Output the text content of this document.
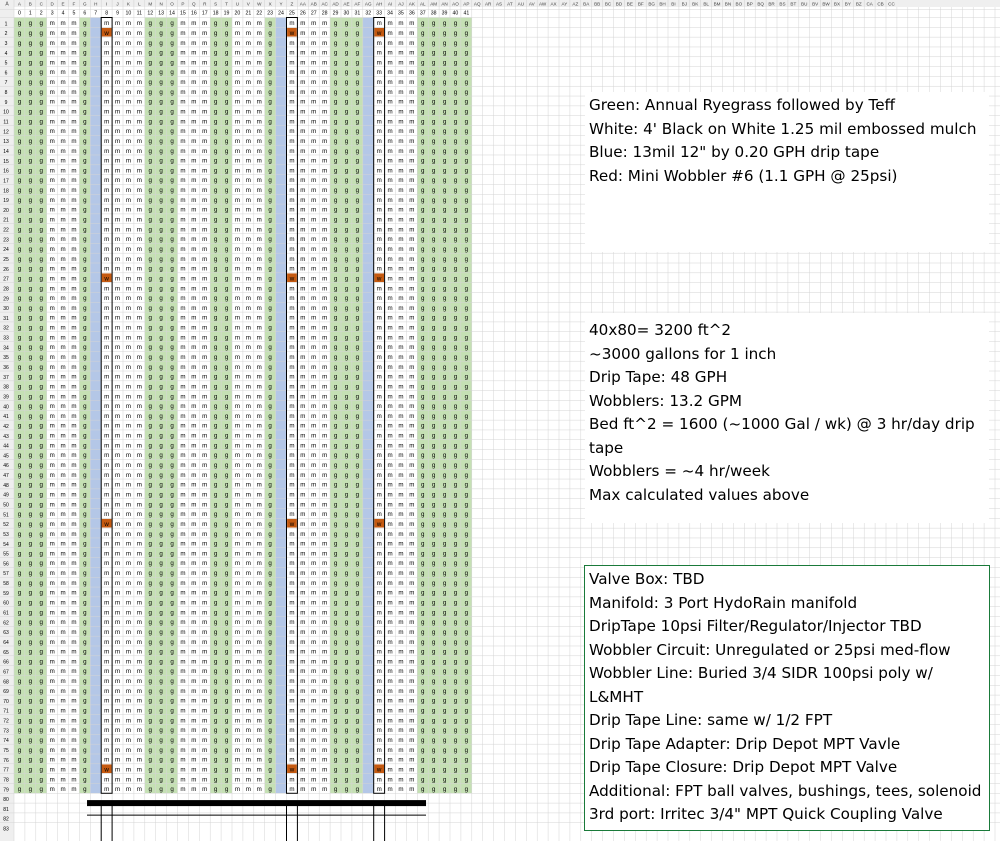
A A B C D E F G H I J K L M N O P Q R S T U V W X Y Z AA AB AC AD AE AF AG AH AI AJ AK AL AM AN AO AP AQ AR AS AT AU AV AW AX AY AZ BA BB BC BD BE BF BG BH BI BJ BK BL BM BN BO BP BQ BR BS BT BU BV BW BX BY BZ CA CB CC
0 1 2 3 4 5 6 7 8 9 10 11 12 13 14 15 16 17 18 19 20 21 22 23 24 25 26 27 28 29 30 31 32 33 34 35 36 37 38 39 40 41
g
g
g
g
g
g
g
g
g
g
g
g
g
g
g
g
g
g
g
g
g
g
g
g
g
g
g
g
g
g
g
g
g
g
g
g
g
g
g
g
g
g
g
g
g
g
g
g
g
g
g
g
g
g
g
g
g
g
g
g
g
g
g
g
g
g
g
g
g
g
g
g
g
g
g
g
g
g
g
g
g
g
g
g
g
g
g
g
g
g
g
g
g
g
g
g
g
g
g
g
g
g
g
g
g
g
g
g
g
g
g
g
g
g
g
g
g
g
g
g
g
g
g
g
g
g
g
g
g
g
g
g
g
g
g
g
g
g
g
g
g
g
g
g
g
g
g
g
g
g
g
g
g
g
g
g
g
g
g
g
g
g
g
g
g
g
g
g
g
g
g
g
g
g
g
g
g
g
g
g
g
g
g
g
g
g
g
g
g
g
g
g
g
g
g
g
g
g
g
g
g
g
g
g
g
g
g
g
g
g
g
g
g
g
g
g
g
g
g
g
g
g
g
g
g
g
g
g
g
g
g
g
g
g
g
g
g
m
m
m
m
m
m
m
m
m
m
m
m
m
m
m
m
m
m
m
m
m
m
m
m
m
m
m
m
m
m
m
m
m
m
m
m
m
m
m
m
m
m
m
m
m
m
m
m
m
m
m
m
m
m
m
m
m
m
m
m
m
m
m
m
m
m
m
m
m
m
m
m
m
m
m
m
m
m
m
m
m
m
m
m
m
m
m
m
m
m
m
m
m
m
m
m
m
m
m
m
m
m
m
m
m
m
m
m
m
m
m
m
m
m
m
m
m
m
m
m
m
m
m
m
m
m
m
m
m
m
m
m
m
m
m
m
m
m
m
m
m
m
m
m
m
m
m
m
m
m
m
m
m
m
m
m
m
m
m
m
m
m
m
m
m
m
m
m
m
m
m
m
m
m
m
m
m
m
m
m
m
m
m
m
m
m
m
m
m
m
m
m
m
m
m
m
m
m
m
m
m
m
m
m
m
m
m
m
m
m
m
m
m
m
m
m
m
m
m
m
m
m
m
m
m
m
m
m
m
m
m
m
m
m
m
m
m
g
g
g
g
g
g
g
g
g
g
g
g
g
g
g
g
g
g
g
g
g
g
g
g
g
g
g
g
g
g
g
g
g
g
g
g
g
g
g
g
g
g
g
g
g
g
g
g
g
g
g
g
g
g
g
g
g
g
g
g
g
g
g
g
g
g
g
g
g
g
g
g
g
g
g
g
g
g
g
m
w
m
m
m
m
m
m
m
m
m
m
m
m
m
m
m
m
m
m
m
m
m
m
m
m
w
m
m
m
m
m
m
m
m
m
m
m
m
m
m
m
m
m
m
m
m
m
m
m
m
w
m
m
m
m
m
m
m
m
m
m
m
m
m
m
m
m
m
m
m
m
m
m
m
m
w
m
m
m
m
m
m
m
m
m
m
m
m
m
m
m
m
m
m
m
m
m
m
m
m
m
m
m
m
m
m
m
m
m
m
m
m
m
m
m
m
m
m
m
m
m
m
m
m
m
m
m
m
m
m
m
m
m
m
m
m
m
m
m
m
m
m
m
m
m
m
m
m
m
m
m
m
m
m
m
m
m
m
m
m
m
m
m
m
m
m
m
m
m
m
m
m
m
m
m
m
m
m
m
m
m
m
m
m
m
m
m
m
m
m
m
m
m
m
m
m
m
m
m
m
m
m
m
m
m
m
m
m
m
m
m
m
m
m
m
m
m
m
m
m
m
m
m
m
m
m
m
m
m
m
m
m
m
m
m
m
m
m
m
m
m
m
m
m
m
m
m
m
m
m
m
m
m
m
m
m
m
m
m
m
m
m
m
m
m
m
m
m
m
m
m
m
m
m
m
m
m
m
m
m
m
m
m
m
m
m
m
m
m
m
m
m
m
m
m
m
m
m
m
m
m
m
m
m
m
m
m
m
m
m
m
m
m
m
m
g
g
g
g
g
g
g
g
g
g
g
g
g
g
g
g
g
g
g
g
g
g
g
g
g
g
g
g
g
g
g
g
g
g
g
g
g
g
g
g
g
g
g
g
g
g
g
g
g
g
g
g
g
g
g
g
g
g
g
g
g
g
g
g
g
g
g
g
g
g
g
g
g
g
g
g
g
g
g
g
g
g
g
g
g
g
g
g
g
g
g
g
g
g
g
g
g
g
g
g
g
g
g
g
g
g
g
g
g
g
g
g
g
g
g
g
g
g
g
g
g
g
g
g
g
g
g
g
g
g
g
g
g
g
g
g
g
g
g
g
g
g
g
g
g
g
g
g
g
g
g
g
g
g
g
g
g
g
g
g
g
g
g
g
g
g
g
g
g
g
g
g
g
g
g
g
g
g
g
g
g
g
g
g
g
g
g
g
g
g
g
g
g
g
g
g
g
g
g
g
g
g
g
g
g
g
g
g
g
g
g
g
g
g
g
g
g
g
g
g
g
g
g
g
g
g
g
g
g
g
g
g
g
g
g
g
g
m
m
m
m
m
m
m
m
m
m
m
m
m
m
m
m
m
m
m
m
m
m
m
m
m
m
m
m
m
m
m
m
m
m
m
m
m
m
m
m
m
m
m
m
m
m
m
m
m
m
m
m
m
m
m
m
m
m
m
m
m
m
m
m
m
m
m
m
m
m
m
m
m
m
m
m
m
m
m
m
m
m
m
m
m
m
m
m
m
m
m
m
m
m
m
m
m
m
m
m
m
m
m
m
m
m
m
m
m
m
m
m
m
m
m
m
m
m
m
m
m
m
m
m
m
m
m
m
m
m
m
m
m
m
m
m
m
m
m
m
m
m
m
m
m
m
m
m
m
m
m
m
m
m
m
m
m
m
m
m
m
m
m
m
m
m
m
m
m
m
m
m
m
m
m
m
m
m
m
m
m
m
m
m
m
m
m
m
m
m
m
m
m
m
m
m
m
m
m
m
m
m
m
m
m
m
m
m
m
m
m
m
m
m
m
m
m
m
m
m
m
m
m
m
m
m
m
m
m
m
m
m
m
m
m
m
m
g
g
g
g
g
g
g
g
g
g
g
g
g
g
g
g
g
g
g
g
g
g
g
g
g
g
g
g
g
g
g
g
g
g
g
g
g
g
g
g
g
g
g
g
g
g
g
g
g
g
g
g
g
g
g
g
g
g
g
g
g
g
g
g
g
g
g
g
g
g
g
g
g
g
g
g
g
g
g
g
g
g
g
g
g
g
g
g
g
g
g
g
g
g
g
g
g
g
g
g
g
g
g
g
g
g
g
g
g
g
g
g
g
g
g
g
g
g
g
g
g
g
g
g
g
g
g
g
g
g
g
g
g
g
g
g
g
g
g
g
g
g
g
g
g
g
g
g
g
g
g
g
g
g
g
g
g
g
m
m
m
m
m
m
m
m
m
m
m
m
m
m
m
m
m
m
m
m
m
m
m
m
m
m
m
m
m
m
m
m
m
m
m
m
m
m
m
m
m
m
m
m
m
m
m
m
m
m
m
m
m
m
m
m
m
m
m
m
m
m
m
m
m
m
m
m
m
m
m
m
m
m
m
m
m
m
m
m
m
m
m
m
m
m
m
m
m
m
m
m
m
m
m
m
m
m
m
m
m
m
m
m
m
m
m
m
m
m
m
m
m
m
m
m
m
m
m
m
m
m
m
m
m
m
m
m
m
m
m
m
m
m
m
m
m
m
m
m
m
m
m
m
m
m
m
m
m
m
m
m
m
m
m
m
m
m
m
m
m
m
m
m
m
m
m
m
m
m
m
m
m
m
m
m
m
m
m
m
m
m
m
m
m
m
m
m
m
m
m
m
m
m
m
m
m
m
m
m
m
m
m
m
m
m
m
m
m
m
m
m
m
m
m
m
m
m
m
m
m
m
m
m
m
m
m
m
m
m
m
m
m
m
m
m
m
g
g
g
g
g
g
g
g
g
g
g
g
g
g
g
g
g
g
g
g
g
g
g
g
g
g
g
g
g
g
g
g
g
g
g
g
g
g
g
g
g
g
g
g
g
g
g
g
g
g
g
g
g
g
g
g
g
g
g
g
g
g
g
g
g
g
g
g
g
g
g
g
g
g
g
g
g
g
g
m
w
m
m
m
m
m
m
m
m
m
m
m
m
m
m
m
m
m
m
m
m
m
m
m
m
w
m
m
m
m
m
m
m
m
m
m
m
m
m
m
m
m
m
m
m
m
m
m
m
m
w
m
m
m
m
m
m
m
m
m
m
m
m
m
m
m
m
m
m
m
m
m
m
m
m
w
m
m
m
m
m
m
m
m
m
m
m
m
m
m
m
m
m
m
m
m
m
m
m
m
m
m
m
m
m
m
m
m
m
m
m
m
m
m
m
m
m
m
m
m
m
m
m
m
m
m
m
m
m
m
m
m
m
m
m
m
m
m
m
m
m
m
m
m
m
m
m
m
m
m
m
m
m
m
m
m
m
m
m
m
m
m
m
m
m
m
m
m
m
m
m
m
m
m
m
m
m
m
m
m
m
m
m
m
m
m
m
m
m
m
m
m
m
m
m
m
m
m
m
m
m
m
m
m
m
m
m
m
m
m
m
m
m
m
m
m
m
m
m
m
m
m
m
m
m
m
m
m
m
m
m
m
m
m
m
m
m
m
m
m
m
m
m
m
m
m
m
m
m
m
m
m
m
m
m
m
m
m
m
m
m
m
m
m
m
m
m
m
m
m
m
m
m
m
m
m
m
m
m
m
m
m
m
m
m
m
m
m
m
m
m
m
m
m
m
m
m
m
m
m
m
m
m
m
m
m
m
m
m
m
m
m
m
m
m
g
g
g
g
g
g
g
g
g
g
g
g
g
g
g
g
g
g
g
g
g
g
g
g
g
g
g
g
g
g
g
g
g
g
g
g
g
g
g
g
g
g
g
g
g
g
g
g
g
g
g
g
g
g
g
g
g
g
g
g
g
g
g
g
g
g
g
g
g
g
g
g
g
g
g
g
g
g
g
g
g
g
g
g
g
g
g
g
g
g
g
g
g
g
g
g
g
g
g
g
g
g
g
g
g
g
g
g
g
g
g
g
g
g
g
g
g
g
g
g
g
g
g
g
g
g
g
g
g
g
g
g
g
g
g
g
g
g
g
g
g
g
g
g
g
g
g
g
g
g
g
g
g
g
g
g
g
g
g
g
g
g
g
g
g
g
g
g
g
g
g
g
g
g
g
g
g
g
g
g
g
g
g
g
g
g
g
g
g
g
g
g
g
g
g
g
g
g
g
g
g
g
g
g
g
g
g
g
g
g
g
g
g
g
g
g
g
g
g
g
g
g
g
g
g
g
g
g
g
g
g
g
g
g
g
g
g
m
w
m
m
m
m
m
m
m
m
m
m
m
m
m
m
m
m
m
m
m
m
m
m
m
m
w
m
m
m
m
m
m
m
m
m
m
m
m
m
m
m
m
m
m
m
m
m
m
m
m
w
m
m
m
m
m
m
m
m
m
m
m
m
m
m
m
m
m
m
m
m
m
m
m
m
w
m
m
m
m
m
m
m
m
m
m
m
m
m
m
m
m
m
m
m
m
m
m
m
m
m
m
m
m
m
m
m
m
m
m
m
m
m
m
m
m
m
m
m
m
m
m
m
m
m
m
m
m
m
m
m
m
m
m
m
m
m
m
m
m
m
m
m
m
m
m
m
m
m
m
m
m
m
m
m
m
m
m
m
m
m
m
m
m
m
m
m
m
m
m
m
m
m
m
m
m
m
m
m
m
m
m
m
m
m
m
m
m
m
m
m
m
m
m
m
m
m
m
m
m
m
m
m
m
m
m
m
m
m
m
m
m
m
m
m
m
m
m
m
m
m
m
m
m
m
m
m
m
m
m
m
m
m
m
m
m
m
m
m
m
m
m
m
m
m
m
m
m
m
m
m
m
m
m
m
m
m
m
m
m
m
m
m
m
m
m
m
m
m
m
m
m
m
m
m
m
m
m
m
m
m
m
m
m
m
m
m
m
m
m
m
m
m
m
m
m
m
m
m
m
m
m
m
m
m
m
m
m
m
m
m
m
m
m
m
g
g
g
g
g
g
g
g
g
g
g
g
g
g
g
g
g
g
g
g
g
g
g
g
g
g
g
g
g
g
g
g
g
g
g
g
g
g
g
g
g
g
g
g
g
g
g
g
g
g
g
g
g
g
g
g
g
g
g
g
g
g
g
g
g
g
g
g
g
g
g
g
g
g
g
g
g
g
g
g
g
g
g
g
g
g
g
g
g
g
g
g
g
g
g
g
g
g
g
g
g
g
g
g
g
g
g
g
g
g
g
g
g
g
g
g
g
g
g
g
g
g
g
g
g
g
g
g
g
g
g
g
g
g
g
g
g
g
g
g
g
g
g
g
g
g
g
g
g
g
g
g
g
g
g
g
g
g
g
g
g
g
g
g
g
g
g
g
g
g
g
g
g
g
g
g
g
g
g
g
g
g
g
g
g
g
g
g
g
g
g
g
g
g
g
g
g
g
g
g
g
g
g
g
g
g
g
g
g
g
g
g
g
g
g
g
g
g
g
g
g
g
g
g
g
g
g
g
g
g
g
g
g
g
g
g
g
g
g
g
g
g
g
g
g
g
g
g
g
g
g
g
g
g
g
g
g
g
g
g
g
g
g
g
g
g
g
g
g
g
g
g
g
g
g
g
g
g
g
g
g
g
g
g
g
g
g
g
g
g
g
g
g
g
g
g
g
g
g
g
g
g
g
g
g
g
g
g
g
g
g
g
g
g
g
g
g
g
g
g
g
g
g
g
g
g
g
g
g
g
g
g
g
g
g
g
g
g
g
g
g
g
g
g
g
g
g
g
g
g
g
g
g
g
g
g
g
g
g
g
g
g
g
g
g
g
g
g
g
g
g
g
g
g
g
g
g
g
g
g
g
g
g
g
g
g
g
g
g
g
g
g
g
g
g
1
2
3
4
5
6
7
8
9
10
11
12
13
14
15
16
17
18
19
20
21
22
23
24
25
26
27
28
29
30
31
32
33
34
35
36
37
38
39
40
41
42
43
44
45
46
47
48
49
50
51
52
53
54
55
56
57
58
59
60
61
62
63
64
65
66
67
68
69
70
71
72
73
74
75
76
77
78
79
80
81
82
83
Green: Annual Ryegrass followed by Teff
White: 4' Black on White 1.25 mil embossed mulch
Blue: 13mil 12" by 0.20 GPH drip tape
Red: Mini Wobbler #6 (1.1 GPH @ 25psi)
40x80= 3200 ft^2
~3000 gallons for 1 inch
Drip Tape: 48 GPH
Wobblers: 13.2 GPM
Bed ft^2 = 1600 (~1000 Gal / wk) @ 3 hr/day drip tape
Wobblers = ~4 hr/week
Max calculated values above
Valve Box: TBD
Manifold: 3 Port HydoRain manifold
DripTape 10psi Filter/Regulator/Injector TBD
Wobbler Circuit: Unregulated or 25psi med-flow
Wobbler Line: Buried 3/4 SIDR 100psi poly w/ L&MHT
Drip Tape Line: same w/ 1/2 FPT
Drip Tape Adapter: Drip Depot MPT Vavle
Drip Tape Closure: Drip Depot MPT Valve
Additional: FPT ball valves, bushings, tees, solenoid
3rd port: Irritec 3/4" MPT Quick Coupling Valve
